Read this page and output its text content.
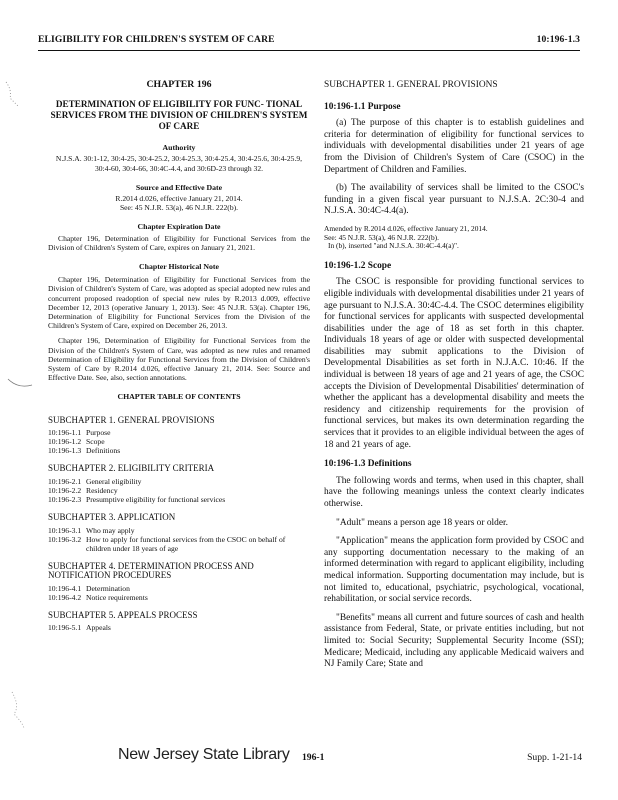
ELIGIBILITY FOR CHILDREN'S SYSTEM OF CARE	10:196-1.3
CHAPTER 196
DETERMINATION OF ELIGIBILITY FOR FUNC- TIONAL SERVICES FROM THE DIVISION OF CHILDREN'S SYSTEM OF CARE
Authority
N.J.S.A. 30:1-12, 30:4-25, 30:4-25.2, 30:4-25.3, 30:4-25.4, 30:4-25.6, 30:4-25.9, 30:4-60, 30:4-66, 30:4C-4.4, and 30:6D-23 through 32.
Source and Effective Date
R.2014 d.026, effective January 21, 2014.
See: 45 N.J.R. 53(a), 46 N.J.R. 222(b).
Chapter Expiration Date
Chapter 196, Determination of Eligibility for Functional Services from the Division of Children's System of Care, expires on January 21, 2021.
Chapter Historical Note
Chapter 196, Determination of Eligibility for Functional Services from the Division of Children's System of Care, was adopted as special adopted new rules and concurrent proposed readoption of special new rules by R.2013 d.009, effective December 12, 2013 (operative January 1, 2013). See: 45 N.J.R. 53(a). Chapter 196, Determination of Eligibility for Functional Services from the Division of the Children's System of Care, expired on December 26, 2013.
Chapter 196, Determination of Eligibility for Functional Services from the Division of the Children's System of Care, was adopted as new rules and renamed Determination of Eligibility for Functional Services from the Division of Children's System of Care by R.2014 d.026, effective January 21, 2014. See: Source and Effective Date. See, also, section annotations.
CHAPTER TABLE OF CONTENTS
SUBCHAPTER 1. GENERAL PROVISIONS
10:196-1.1 Purpose
10:196-1.2 Scope
10:196-1.3 Definitions
SUBCHAPTER 2. ELIGIBILITY CRITERIA
10:196-2.1 General eligibility
10:196-2.2 Residency
10:196-2.3 Presumptive eligibility for functional services
SUBCHAPTER 3. APPLICATION
10:196-3.1 Who may apply
10:196-3.2 How to apply for functional services from the CSOC on behalf of children under 18 years of age
SUBCHAPTER 4. DETERMINATION PROCESS AND NOTIFICATION PROCEDURES
10:196-4.1 Determination
10:196-4.2 Notice requirements
SUBCHAPTER 5. APPEALS PROCESS
10:196-5.1 Appeals
SUBCHAPTER 1. GENERAL PROVISIONS
10:196-1.1 Purpose
(a) The purpose of this chapter is to establish guidelines and criteria for determination of eligibility for functional services to individuals with developmental disabilities under 21 years of age from the Division of Children's System of Care (CSOC) in the Department of Children and Families.
(b) The availability of services shall be limited to the CSOC's funding in a given fiscal year pursuant to N.J.S.A. 2C:30-4 and N.J.S.A. 30:4C-4.4(a).
Amended by R.2014 d.026, effective January 21, 2014.
See: 45 N.J.R. 53(a), 46 N.J.R. 222(b).
In (b), inserted "and N.J.S.A. 30:4C-4.4(a)".
10:196-1.2 Scope
The CSOC is responsible for providing functional services to eligible individuals with developmental disabilities under 21 years of age pursuant to N.J.S.A. 30:4C-4.4. The CSOC determines eligibility for functional services for applicants with suspected developmental disabilities under the age of 18 as set forth in this chapter. Individuals 18 years of age or older with suspected developmental disabilities may submit applications to the Division of Developmental Disabilities as set forth in N.J.A.C. 10:46. If the individual is between 18 years of age and 21 years of age, the CSOC accepts the Division of Developmental Disabilities' determination of whether the applicant has a developmental disability and meets the residency and citizenship requirements for the provision of functional services, but makes its own determination regarding the services that it provides to an eligible individual between the ages of 18 and 21 years of age.
10:196-1.3 Definitions
The following words and terms, when used in this chapter, shall have the following meanings unless the context clearly indicates otherwise.
"Adult" means a person age 18 years or older.
"Application" means the application form provided by CSOC and any supporting documentation necessary to the making of an informed determination with regard to applicant eligibility, including medical information. Supporting documentation may include, but is not limited to, educational, psychiatric, psychological, vocational, rehabilitation, or social service records.
"Benefits" means all current and future sources of cash and health assistance from Federal, State, or private entities including, but not limited to: Social Security; Supplemental Security Income (SSI); Medicare; Medicaid, including any applicable Medicaid waivers and NJ Family Care; State and
New Jersey State Library 196-1	Supp. 1-21-14
